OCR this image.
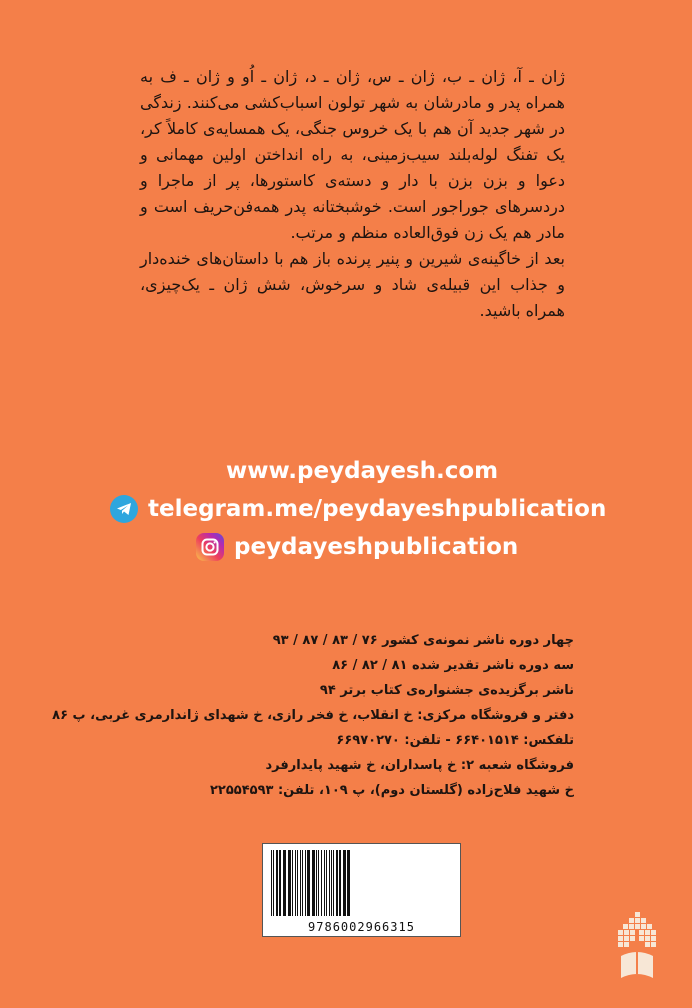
ژان ـ آ، ژان ـ ب، ژان ـ س، ژان ـ د، ژان ـ اُو و ژان ـ ف به همراه پدر و مادرشان به شهر تولون اسباب‌کشی می‌کنند. زندگی در شهر جدید آن هم با یک خروس جنگی، یک همسایه‌ی کاملاً کر، یک تفنگ لوله‌بلند سیب‌زمینی، به راه انداختن اولین مهمانی و دعوا و بزن بزن با دار و دسته‌ی کاستورها، پر از ماجرا و دردسرهای جوراجور است. خوشبختانه پدر همه‌فن‌حریف است و مادر هم یک زن فوق‌العاده منظم و مرتب.

بعد از خاگینه‌ی شیرین و پنیر پرنده باز هم با داستان‌های خنده‌دار و جذاب این قبیله‌ی شاد و سرخوش، شش ژان ـ یک‌چیزی، همراه باشید.

www.peydayesh.com
telegram.me/peydayeshpublication
peydayeshpublication
چهار دوره ناشر نمونه‌ی کشور ۷۶ / ۸۳ / ۸۷ / ۹۳
سه دوره ناشر تقدیر شده ۸۱ / ۸۲ / ۸۶
ناشر برگزیده‌ی جشنواره‌ی کتاب برتر ۹۴
دفتر و فروشگاه مرکزی: خ انقلاب، خ فخر رازی، خ شهدای ژاندارمری غربی، پ ۸۶
تلفکس: ۶۶۴۰۱۵۱۴ - تلفن: ۶۶۹۷۰۲۷۰
فروشگاه شعبه ۲: خ پاسداران، خ شهید پایدارفرد
خ شهید فلاح‌زاده (گلستان دوم)، پ ۱۰۹، تلفن: ۲۲۵۵۴۵۹۳
9786002966315
